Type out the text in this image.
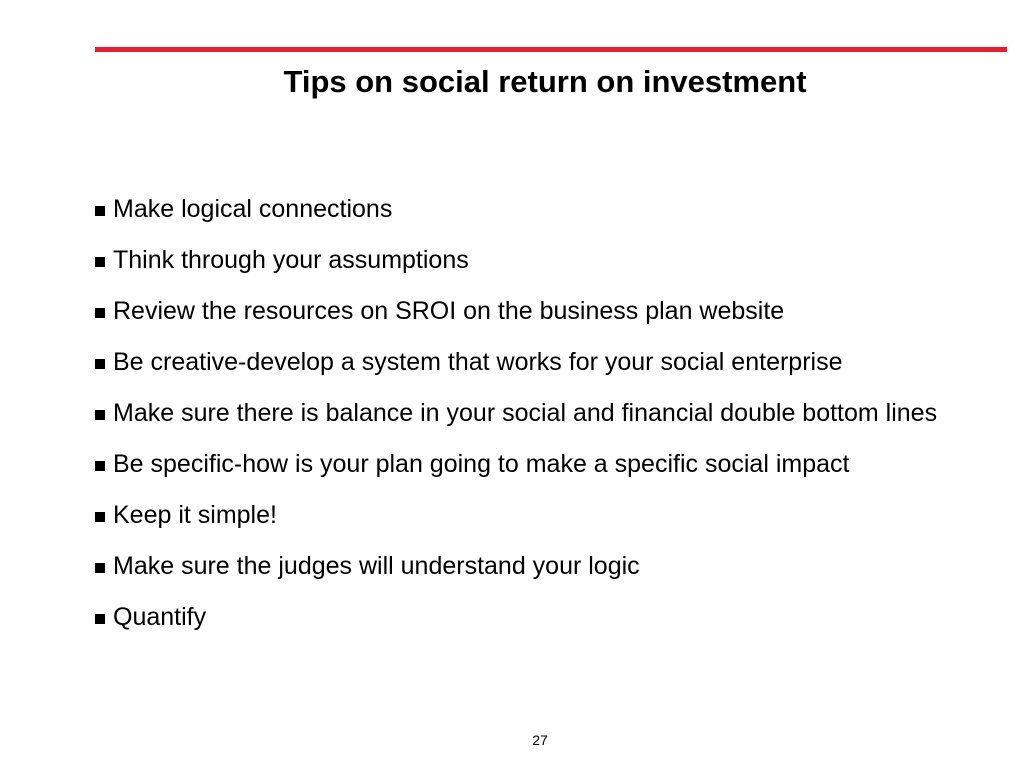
Tips on social return on investment
Make logical connections
Think through your assumptions
Review the resources on SROI on the business plan website
Be creative-develop a system that works for your social enterprise
Make sure there is balance in your social and financial double bottom lines
Be specific-how is your plan going to make a specific social impact
Keep it simple!
Make sure the judges will understand your logic
Quantify
27
